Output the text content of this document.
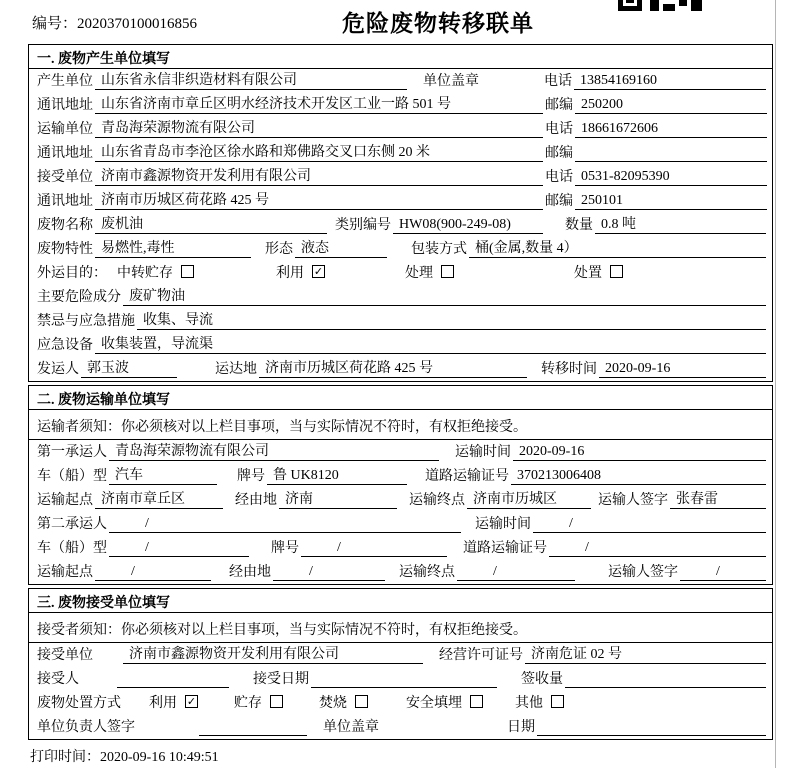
编号：2020370100016856	危险废物转移联单
一. 废物产生单位填写
产生单位 山东省永信非织造材料有限公司	单位盖章	电话 13854169160
通讯地址 山东省济南市章丘区明水经济技术开发区工业一路 501 号	邮编 250200
运输单位 青岛海荣源物流有限公司	电话 18661672606
通讯地址 山东省青岛市李沧区徐水路和郑佛路交叉口东侧 20 米	邮编
接受单位 济南市鑫源物资开发利用有限公司	电话 0531-82095390
通讯地址 济南市历城区荷花路 425 号	邮编 250101
废物名称 废机油	类别编号 HW08(900-249-08)	数量 0.8 吨
废物特性 易燃性,毒性	形态 液态	包装方式 桶(金属,数量 4）
外运目的： 中转贮存	利用 ✓	处理	处置
主要危险成分 废矿物油
禁忌与应急措施 收集、导流
应急设备 收集装置，导流渠
发运人 郭玉波	运达地 济南市历城区荷花路 425 号	转移时间 2020-09-16
二. 废物运输单位填写
运输者须知：你必须核对以上栏目事项，当与实际情况不符时，有权拒绝接受。
第一承运人 青岛海荣源物流有限公司	运输时间 2020-09-16
车（船）型 汽车	牌号 鲁 UK8120	道路运输证号 370213006408
运输起点 济南市章丘区	经由地 济南	运输终点 济南市历城区	运输人签字 张春雷
第二承运人	/	运输时间	/
车（船）型	/	牌号	/	道路运输证号	/
运输起点	/	经由地	/	运输终点	/	运输人签字	/
三. 废物接受单位填写
接受者须知：你必须核对以上栏目事项，当与实际情况不符时，有权拒绝接受。
接受单位	济南市鑫源物资开发利用有限公司	经营许可证号 济南危证 02 号
接受人	接受日期	签收量
废物处置方式 利用 ✓	贮存	焚烧	安全填埋	其他
单位负责人签字	单位盖章	日期
打印时间：2020-09-16 10:49:51
